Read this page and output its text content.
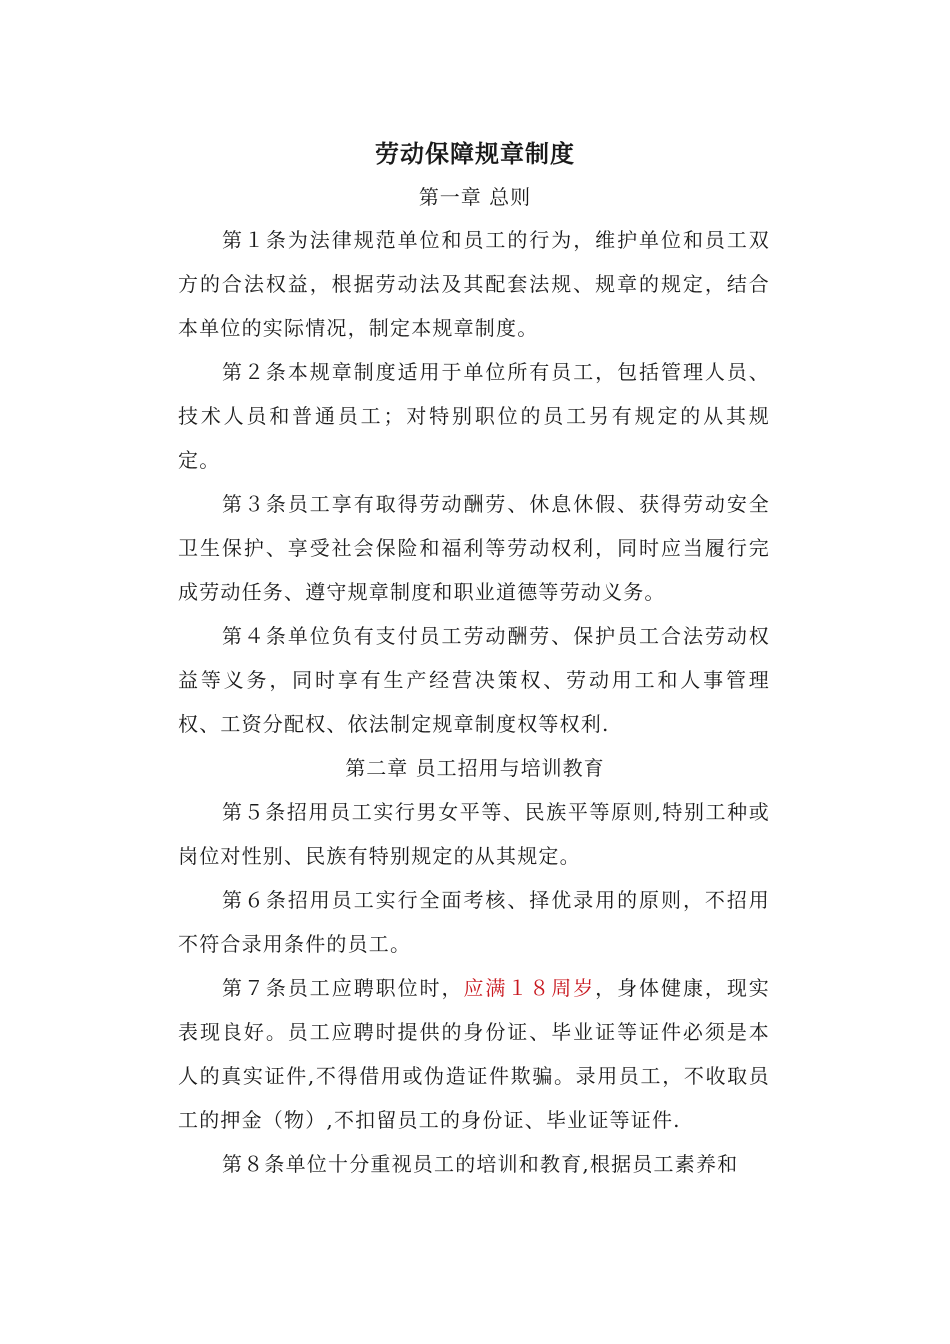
劳动保障规章制度
第一章 总则
第１条为法律规范单位和员工的行为，维护单位和员工双方的合法权益，根据劳动法及其配套法规、规章的规定，结合本单位的实际情况，制定本规章制度。
第２条本规章制度适用于单位所有员工，包括管理人员、技术人员和普通员工；对特别职位的员工另有规定的从其规定。
第３条员工享有取得劳动酬劳、休息休假、获得劳动安全卫生保护、享受社会保险和福利等劳动权利，同时应当履行完成劳动任务、遵守规章制度和职业道德等劳动义务。
第４条单位负有支付员工劳动酬劳、保护员工合法劳动权益等义务，同时享有生产经营决策权、劳动用工和人事管理权、工资分配权、依法制定规章制度权等权利.
第二章 员工招用与培训教育
第５条招用员工实行男女平等、民族平等原则,特别工种或岗位对性别、民族有特别规定的从其规定。
第６条招用员工实行全面考核、择优录用的原则，不招用不符合录用条件的员工。
第７条员工应聘职位时，应满１８周岁，身体健康，现实表现良好。员工应聘时提供的身份证、毕业证等证件必须是本人的真实证件,不得借用或伪造证件欺骗。录用员工，不收取员工的押金（物）,不扣留员工的身份证、毕业证等证件.
第８条单位十分重视员工的培训和教育,根据员工素养和
